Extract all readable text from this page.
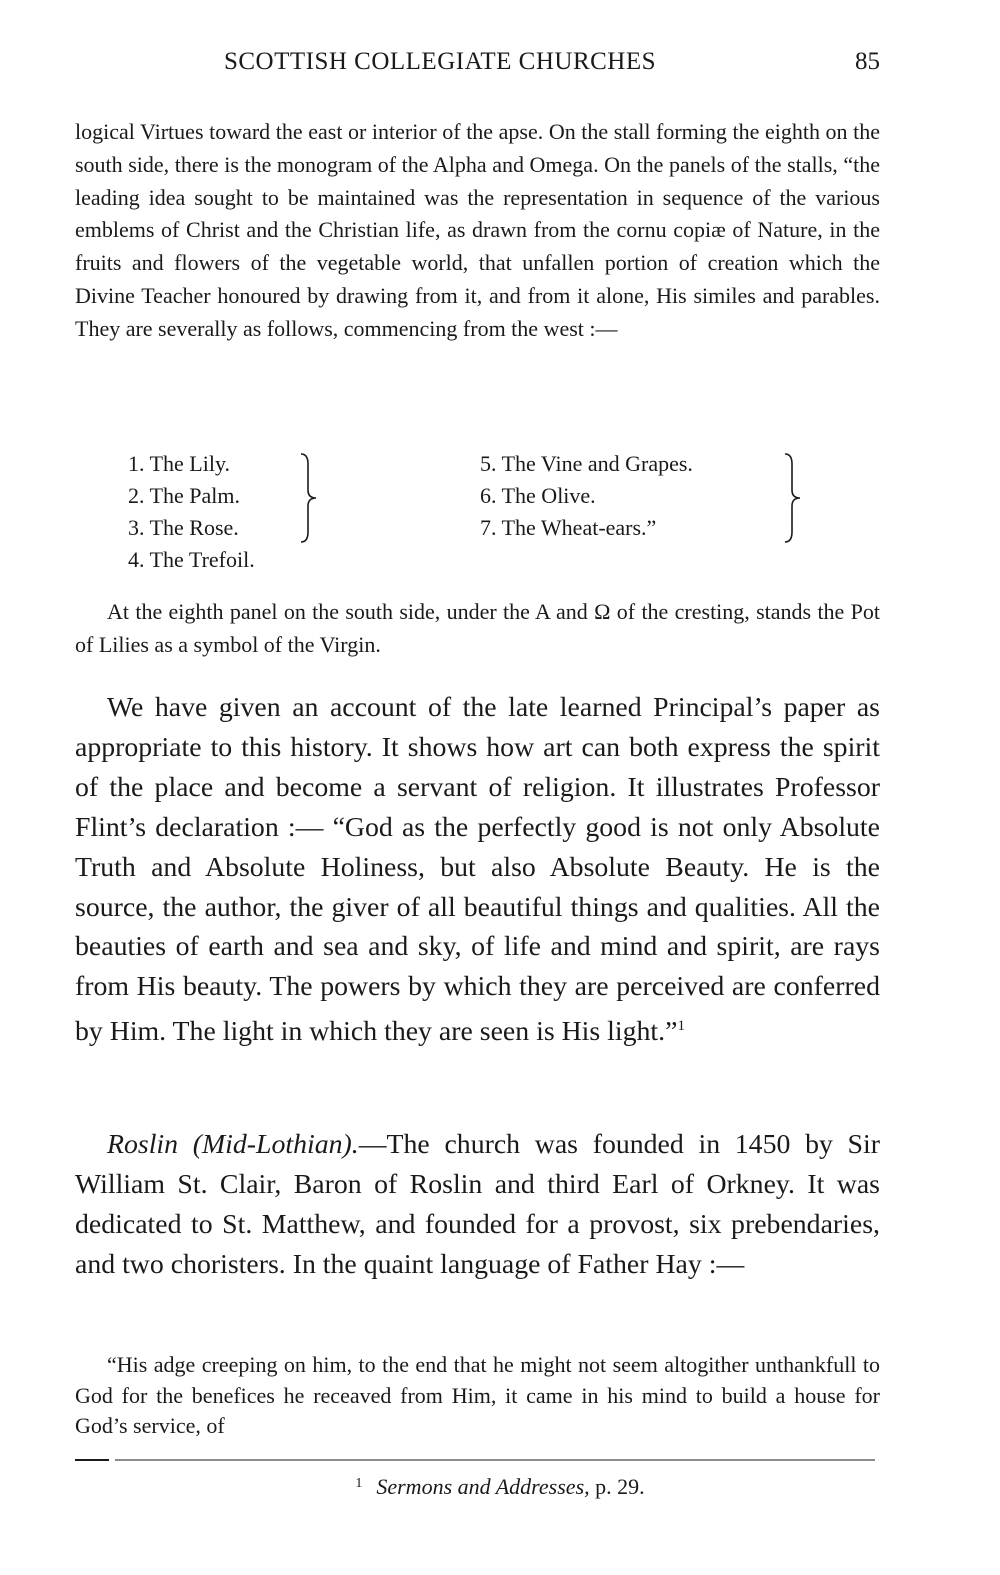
SCOTTISH COLLEGIATE CHURCHES	85

logical Virtues toward the east or interior of the apse. On the stall forming the eighth on the south side, there is the monogram of the Alpha and Omega. On the panels of the stalls, “the leading idea sought to be maintained was the representation in sequence of the various emblems of Christ and the Christian life, as drawn from the cornu copiæ of Nature, in the fruits and flowers of the vegetable world, that unfallen portion of creation which the Divine Teacher honoured by drawing from it, and from it alone, His similes and parables. They are severally as follows, commencing from the west :—

1. The Lily.
2. The Palm.
3. The Rose.
4. The Trefoil.
5. The Vine and Grapes.
6. The Olive.
7. The Wheat-ears.”

At the eighth panel on the south side, under the A and Ω of the cresting, stands the Pot of Lilies as a symbol of the Virgin.

We have given an account of the late learned Principal’s paper as appropriate to this history. It shows how art can both express the spirit of the place and become a servant of religion. It illustrates Professor Flint’s declaration :— “God as the perfectly good is not only Absolute Truth and Absolute Holiness, but also Absolute Beauty. He is the source, the author, the giver of all beautiful things and qualities. All the beauties of earth and sea and sky, of life and mind and spirit, are rays from His beauty. The powers by which they are perceived are conferred by Him. The light in which they are seen is His light.”$^1$

Roslin (Mid-Lothian).—The church was founded in 1450 by Sir William St. Clair, Baron of Roslin and third Earl of Orkney. It was dedicated to St. Matthew, and founded for a provost, six prebendaries, and two choristers. In the quaint language of Father Hay :—

“His adge creeping on him, to the end that he might not seem altogither unthankfull to God for the benefices he receaved from Him, it came in his mind to build a house for God’s service, of

$^1$ Sermons and Addresses, p. 29.
